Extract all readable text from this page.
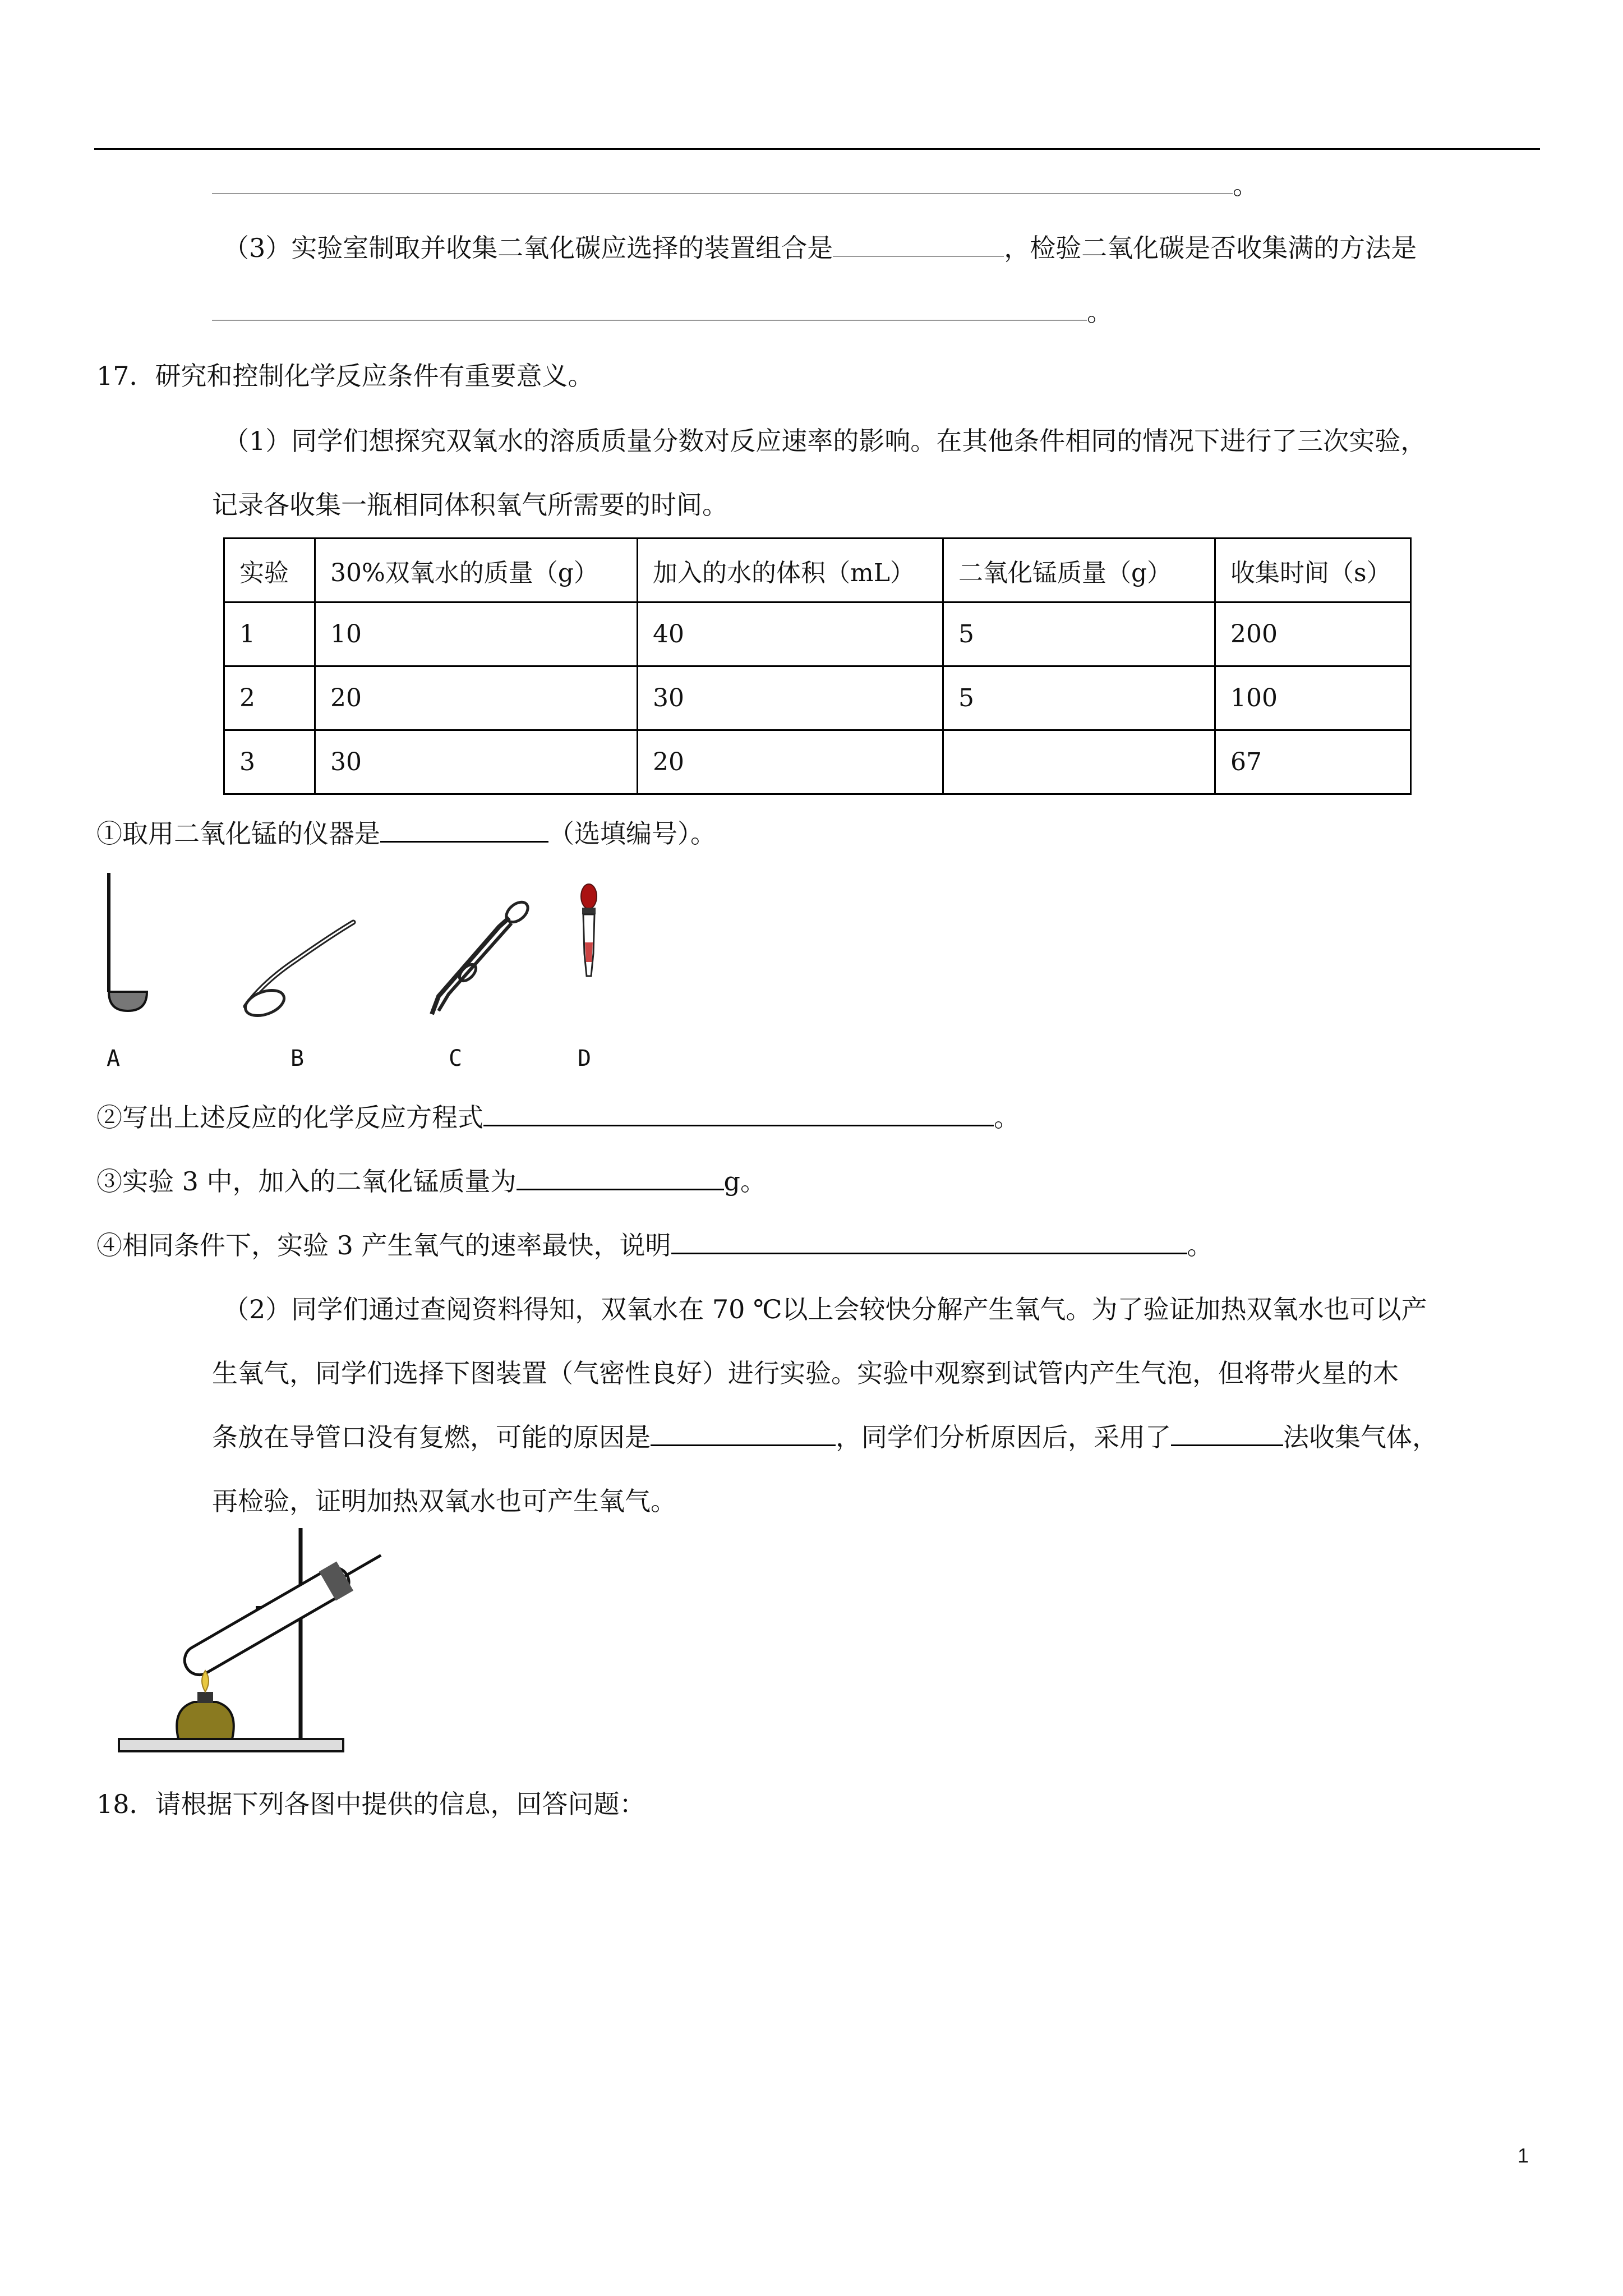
。
（3）实验室制取并收集二氧化碳应选择的装置组合是	，检验二氧化碳是否收集满的方法是
。
17．研究和控制化学反应条件有重要意义。
（1）同学们想探究双氧水的溶质质量分数对反应速率的影响。在其他条件相同的情况下进行了三次实验，
记录各收集一瓶相同体积氧气所需要的时间。
实验	30%双氧水的质量（g）	加入的水的体积（mL）	二氧化锰质量（g）	收集时间（s）
1	10	40	5	200
2	20	30	5	100
3	30	20		67
①取用二氧化锰的仪器是	（选填编号）。
A	B	C	D
②写出上述反应的化学反应方程式	。
③实验 3 中，加入的二氧化锰质量为	g。
④相同条件下，实验 3 产生氧气的速率最快，说明	。
（2）同学们通过查阅资料得知，双氧水在 70 ℃以上会较快分解产生氧气。为了验证加热双氧水也可以产
生氧气，同学们选择下图装置（气密性良好）进行实验。实验中观察到试管内产生气泡，但将带火星的木
条放在导管口没有复燃，可能的原因是	，同学们分析原因后，采用了	法收集气体，
再检验，证明加热双氧水也可产生氧气。
18．请根据下列各图中提供的信息，回答问题：
1
